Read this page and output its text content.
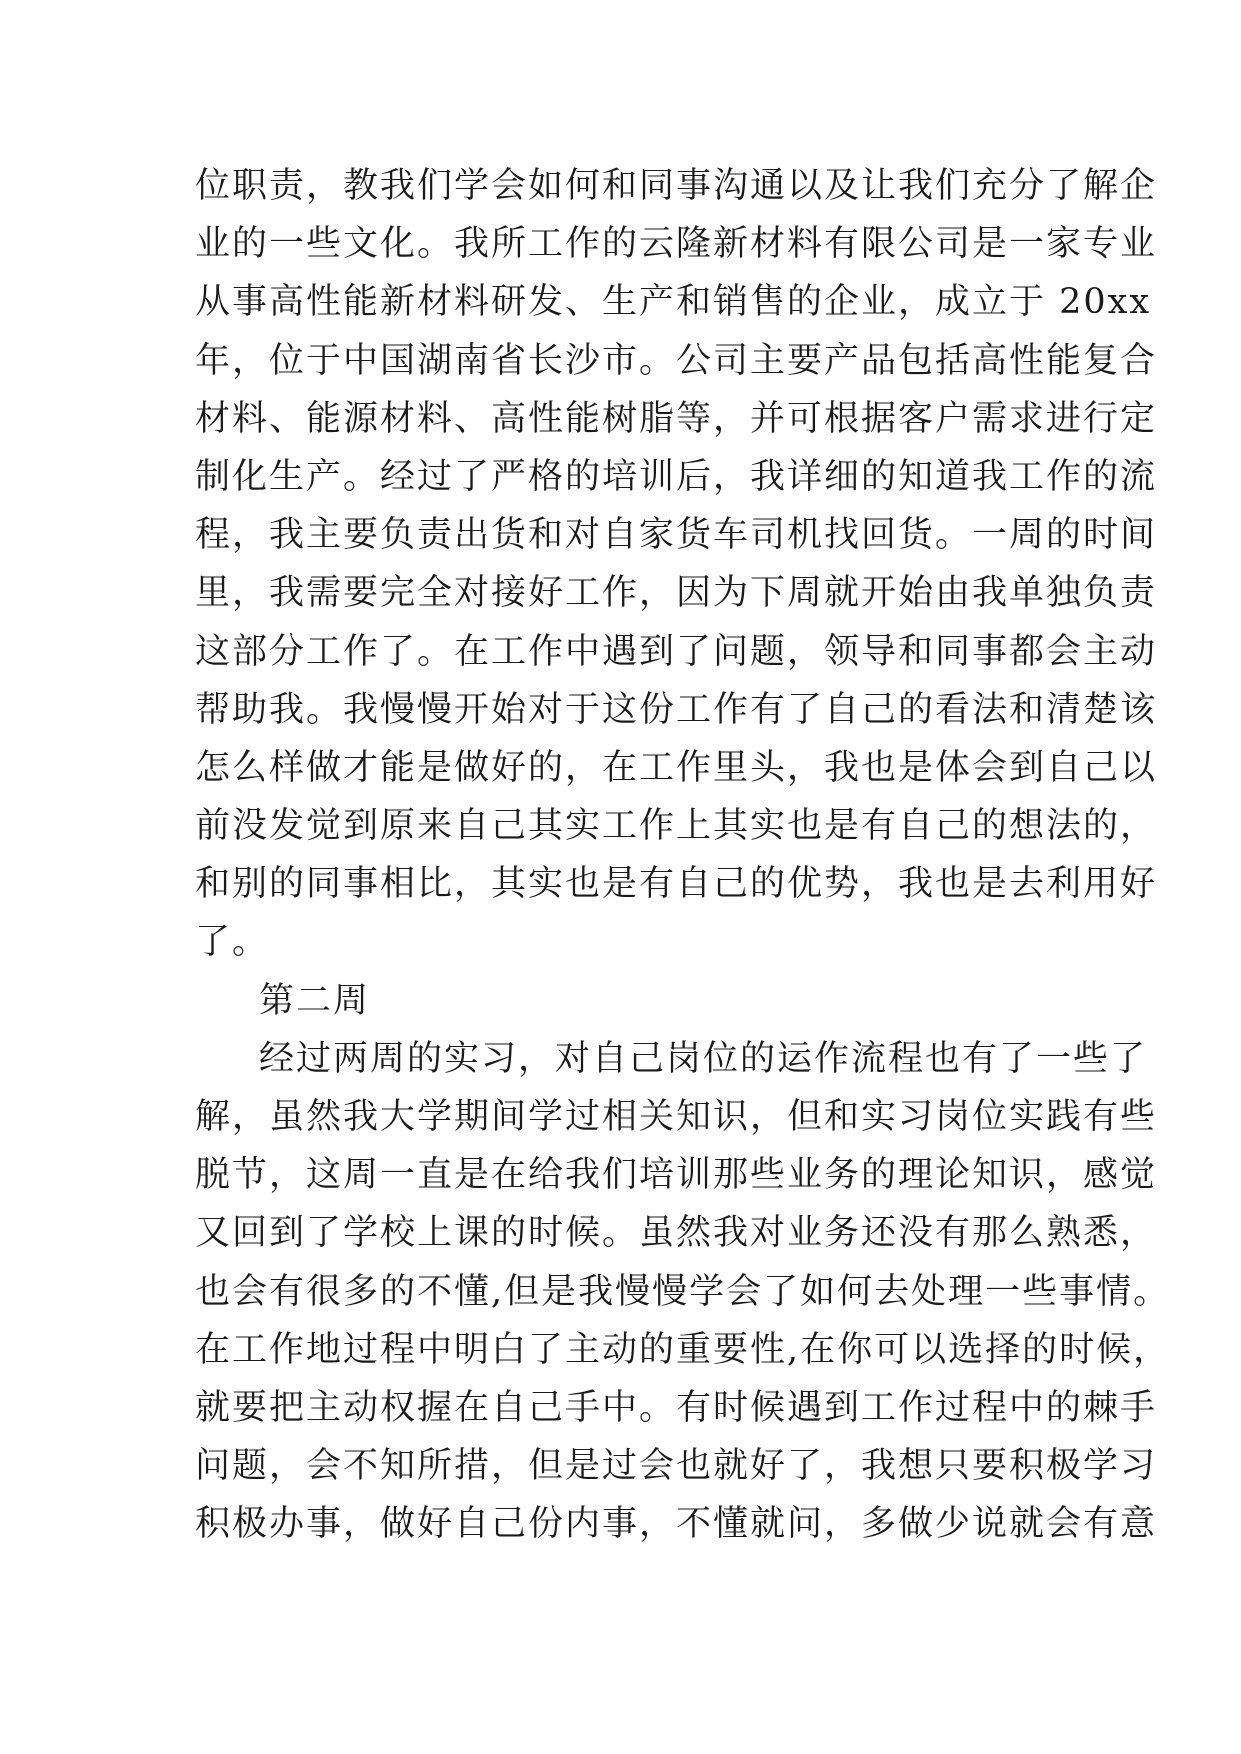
位职责，教我们学会如何和同事沟通以及让我们充分了解企
业的一些文化。我所工作的云隆新材料有限公司是一家专业
从事高性能新材料研发、生产和销售的企业，成立于 20xx
年，位于中国湖南省长沙市。公司主要产品包括高性能复合
材料、能源材料、高性能树脂等，并可根据客户需求进行定
制化生产。经过了严格的培训后，我详细的知道我工作的流
程，我主要负责出货和对自家货车司机找回货。一周的时间
里，我需要完全对接好工作，因为下周就开始由我单独负责
这部分工作了。在工作中遇到了问题，领导和同事都会主动
帮助我。我慢慢开始对于这份工作有了自己的看法和清楚该
怎么样做才能是做好的，在工作里头，我也是体会到自己以
前没发觉到原来自己其实工作上其实也是有自己的想法的，
和别的同事相比，其实也是有自己的优势，我也是去利用好
了。
第二周
经过两周的实习，对自己岗位的运作流程也有了一些了
解，虽然我大学期间学过相关知识，但和实习岗位实践有些
脱节，这周一直是在给我们培训那些业务的理论知识，感觉
又回到了学校上课的时候。虽然我对业务还没有那么熟悉，
也会有很多的不懂,但是我慢慢学会了如何去处理一些事情。
在工作地过程中明白了主动的重要性,在你可以选择的时候，
就要把主动权握在自己手中。有时候遇到工作过程中的棘手
问题，会不知所措，但是过会也就好了，我想只要积极学习
积极办事，做好自己份内事，不懂就问，多做少说就会有意
